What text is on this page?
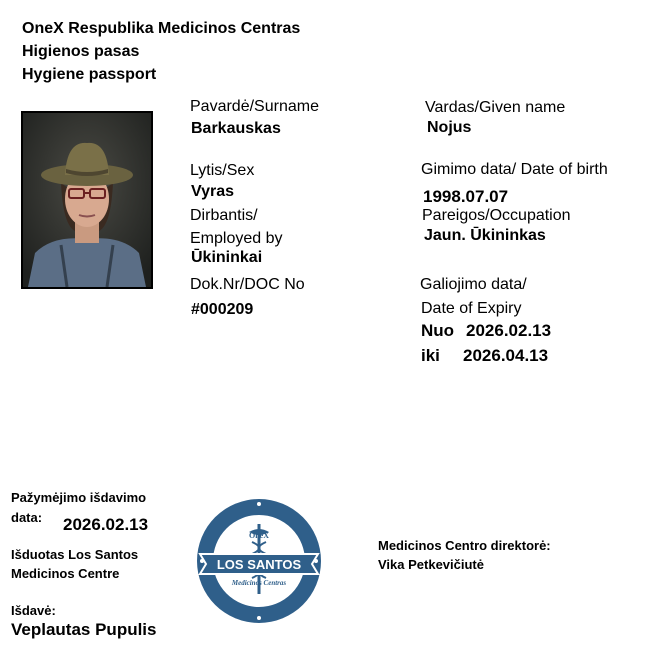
OneX Respublika Medicinos Centras
Higienos pasas
Hygiene passport
Pavardė/Surname
Barkauskas
Lytis/Sex
Vyras
Dirbantis/
Employed by
Ūkininkai
Dok.Nr/DOC No
#000209
Vardas/Given name
Nojus
Gimimo data/ Date of birth
1998.07.07
Pareigos/Occupation
Jaun. Ūkininkas
Galiojimo data/
Date of Expiry
Nuo 2026.02.13
iki 2026.04.13
Pažymėjimo išdavimo
data: 2026.02.13
Išduotas Los Santos
Medicinos Centre
Išdavė:
Veplautas Pupulis
OneX
LOS SANTOS
Medicinos Centras
Medicinos Centro direktorė:
Vika Petkevičiutė
